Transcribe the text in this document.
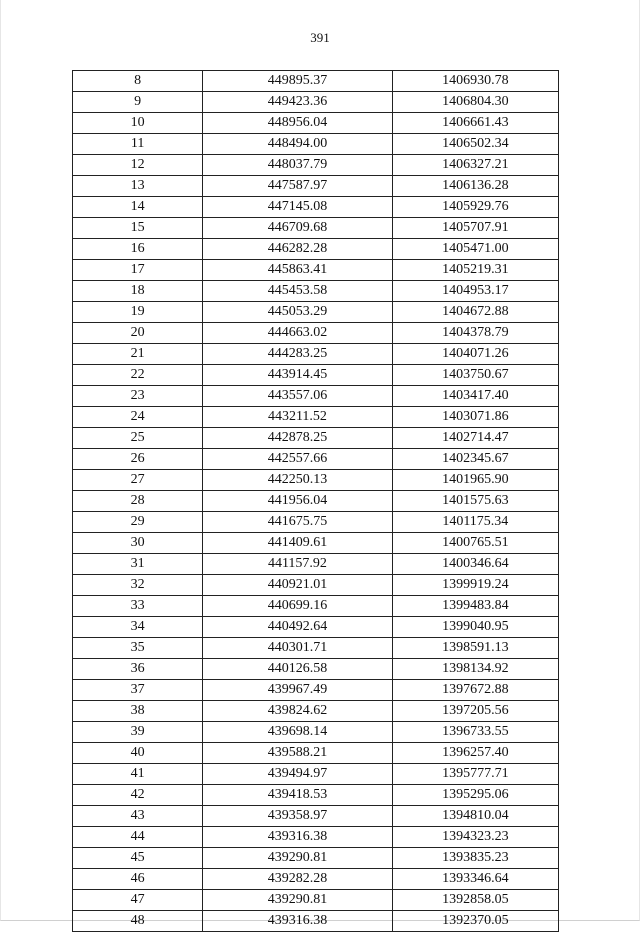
391
8	449895.37	1406930.78
9	449423.36	1406804.30
10	448956.04	1406661.43
11	448494.00	1406502.34
12	448037.79	1406327.21
13	447587.97	1406136.28
14	447145.08	1405929.76
15	446709.68	1405707.91
16	446282.28	1405471.00
17	445863.41	1405219.31
18	445453.58	1404953.17
19	445053.29	1404672.88
20	444663.02	1404378.79
21	444283.25	1404071.26
22	443914.45	1403750.67
23	443557.06	1403417.40
24	443211.52	1403071.86
25	442878.25	1402714.47
26	442557.66	1402345.67
27	442250.13	1401965.90
28	441956.04	1401575.63
29	441675.75	1401175.34
30	441409.61	1400765.51
31	441157.92	1400346.64
32	440921.01	1399919.24
33	440699.16	1399483.84
34	440492.64	1399040.95
35	440301.71	1398591.13
36	440126.58	1398134.92
37	439967.49	1397672.88
38	439824.62	1397205.56
39	439698.14	1396733.55
40	439588.21	1396257.40
41	439494.97	1395777.71
42	439418.53	1395295.06
43	439358.97	1394810.04
44	439316.38	1394323.23
45	439290.81	1393835.23
46	439282.28	1393346.64
47	439290.81	1392858.05
48	439316.38	1392370.05
